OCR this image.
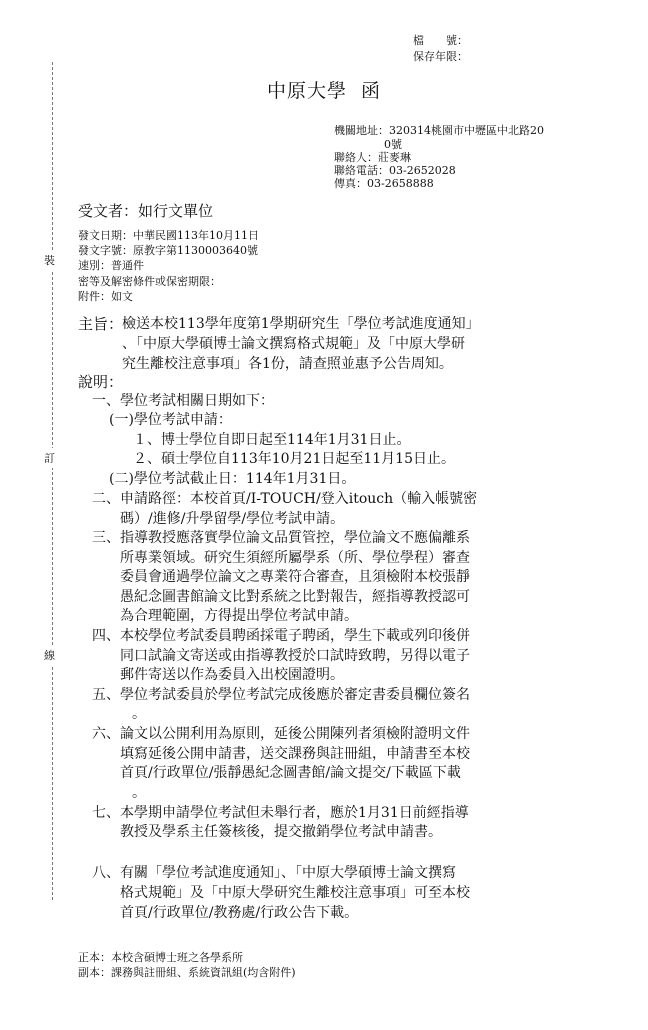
檔　　號：
保存年限：
裝
訂
線
中原大學 函
機關地址：320314桃園市中壢區中北路20
0號
聯絡人：莊麥琳
聯絡電話：03-2652028
傳真：03-2658888
受文者：如行文單位
發文日期：中華民國113年10月11日
發文字號：原教字第1130003640號
速別：普通件
密等及解密條件或保密期限：
附件：如文
主旨：
檢送本校113學年度第1學期研究生「學位考試進度通知」
、「中原大學碩博士論文撰寫格式規範」及「中原大學研
究生離校注意事項」各1份，請查照並惠予公告周知。
說明：
一、學位考試相關日期如下：
(一)學位考試申請：
１、博士學位自即日起至114年1月31日止。
２、碩士學位自113年10月21日起至11月15日止。
(二)學位考試截止日：114年1月31日。
二、申請路徑：本校首頁/I-TOUCH/登入itouch（輸入帳號密
碼）/進修/升學留學/學位考試申請。
三、指導教授應落實學位論文品質管控，學位論文不應偏離系
所專業領域。研究生須經所屬學系（所、學位學程）審查
委員會通過學位論文之專業符合審查，且須檢附本校張靜
愚紀念圖書館論文比對系統之比對報告，經指導教授認可
為合理範圍，方得提出學位考試申請。
四、本校學位考試委員聘函採電子聘函，學生下載或列印後併
同口試論文寄送或由指導教授於口試時致聘，另得以電子
郵件寄送以作為委員入出校園證明。
五、學位考試委員於學位考試完成後應於審定書委員欄位簽名
。
六、論文以公開利用為原則，延後公開陳列者須檢附證明文件
填寫延後公開申請書，送交課務與註冊組，申請書至本校
首頁/行政單位/張靜愚紀念圖書館/論文提交/下載區下載
。
七、本學期申請學位考試但未舉行者，應於1月31日前經指導
教授及學系主任簽核後，提交撤銷學位考試申請書。
八、有關「學位考試進度通知」、「中原大學碩博士論文撰寫
格式規範」及「中原大學研究生離校注意事項」可至本校
首頁/行政單位/教務處/行政公告下載。
正本：本校含碩博士班之各學系所
副本：課務與註冊組、系統資訊組(均含附件)
